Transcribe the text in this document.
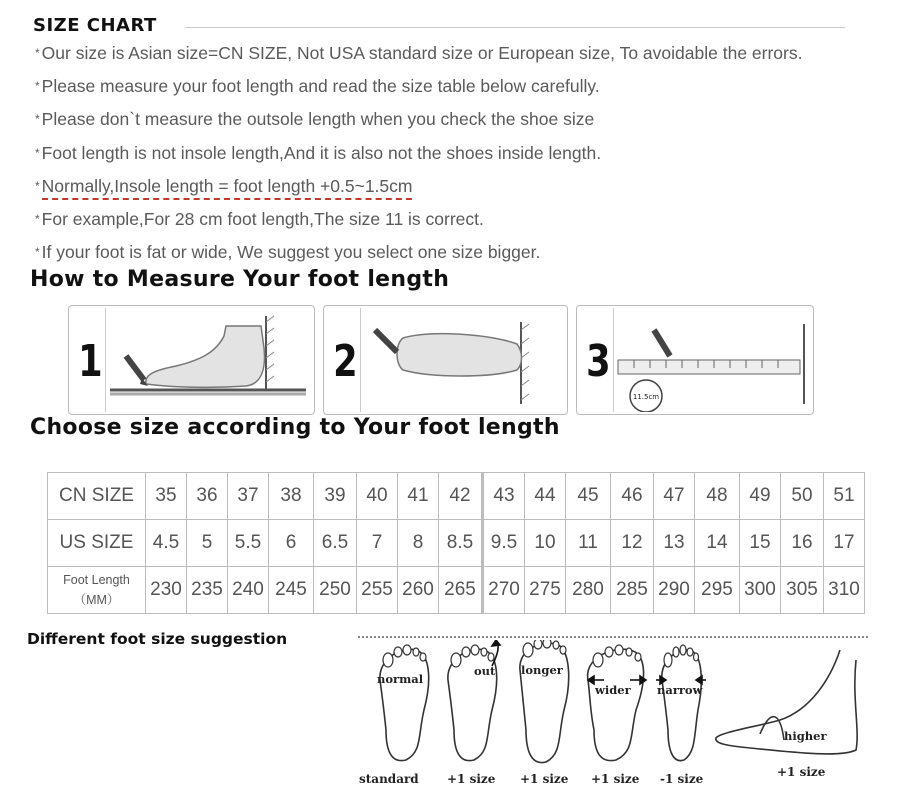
SIZE CHART
* Our size is Asian size=CN SIZE, Not USA standard size or European size, To avoidable the errors.
* Please measure your foot length and read the size table below carefully.
* Please don`t measure the outsole length when you check the shoe size
* Foot length is not insole length,And it is also not the shoes inside length.
* Normally,Insole length = foot length +0.5~1.5cm
* For example,For 28 cm foot length,The size 11 is correct.
* If your foot is fat or wide, We suggest you select one size bigger.
How to Measure Your foot length
1	2	3
11.5cm
Choose size according to Your foot length
CN SIZE	35	36	37	38	39	40	41	42	43	44	45	46	47	48	49	50	51
US SIZE	4.5	5	5.5	6	6.5	7	8	8.5	9.5	10	11	12	13	14	15	16	17
Foot Length
（MM）	230	235	240	245	250	255	260	265	270	275	280	285	290	295	300	305	310
Different foot size suggestion
normal
out longer
wider narrow
higher
standard +1 size +1 size +1 size -1 size	+1 size
